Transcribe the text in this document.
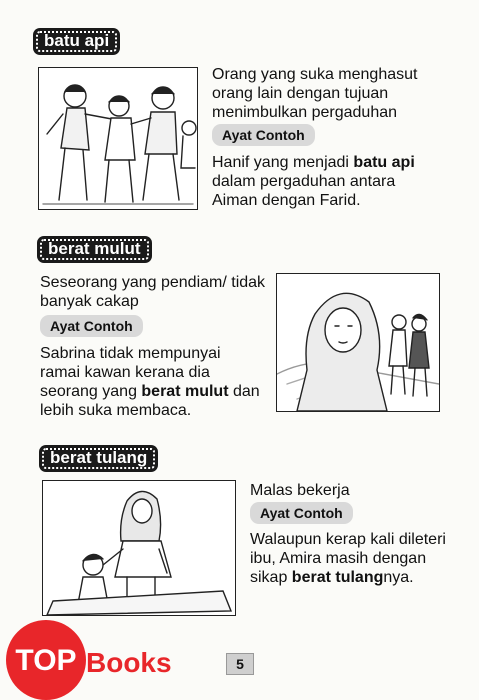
batu api
Orang yang suka menghasut orang lain dengan tujuan menimbulkan pergaduhan
Ayat Contoh
Hanif yang menjadi batu api dalam pergaduhan antara Aiman dengan Farid.
berat mulut
Seseorang yang pendiam/ tidak banyak cakap
Ayat Contoh
Sabrina tidak mempunyai ramai kawan kerana dia seorang yang berat mulut dan lebih suka membaca.
berat tulang
Malas bekerja
Ayat Contoh
Walaupun kerap kali dileteri ibu, Amira masih dengan sikap berat tulangnya.
5
TOP Books
